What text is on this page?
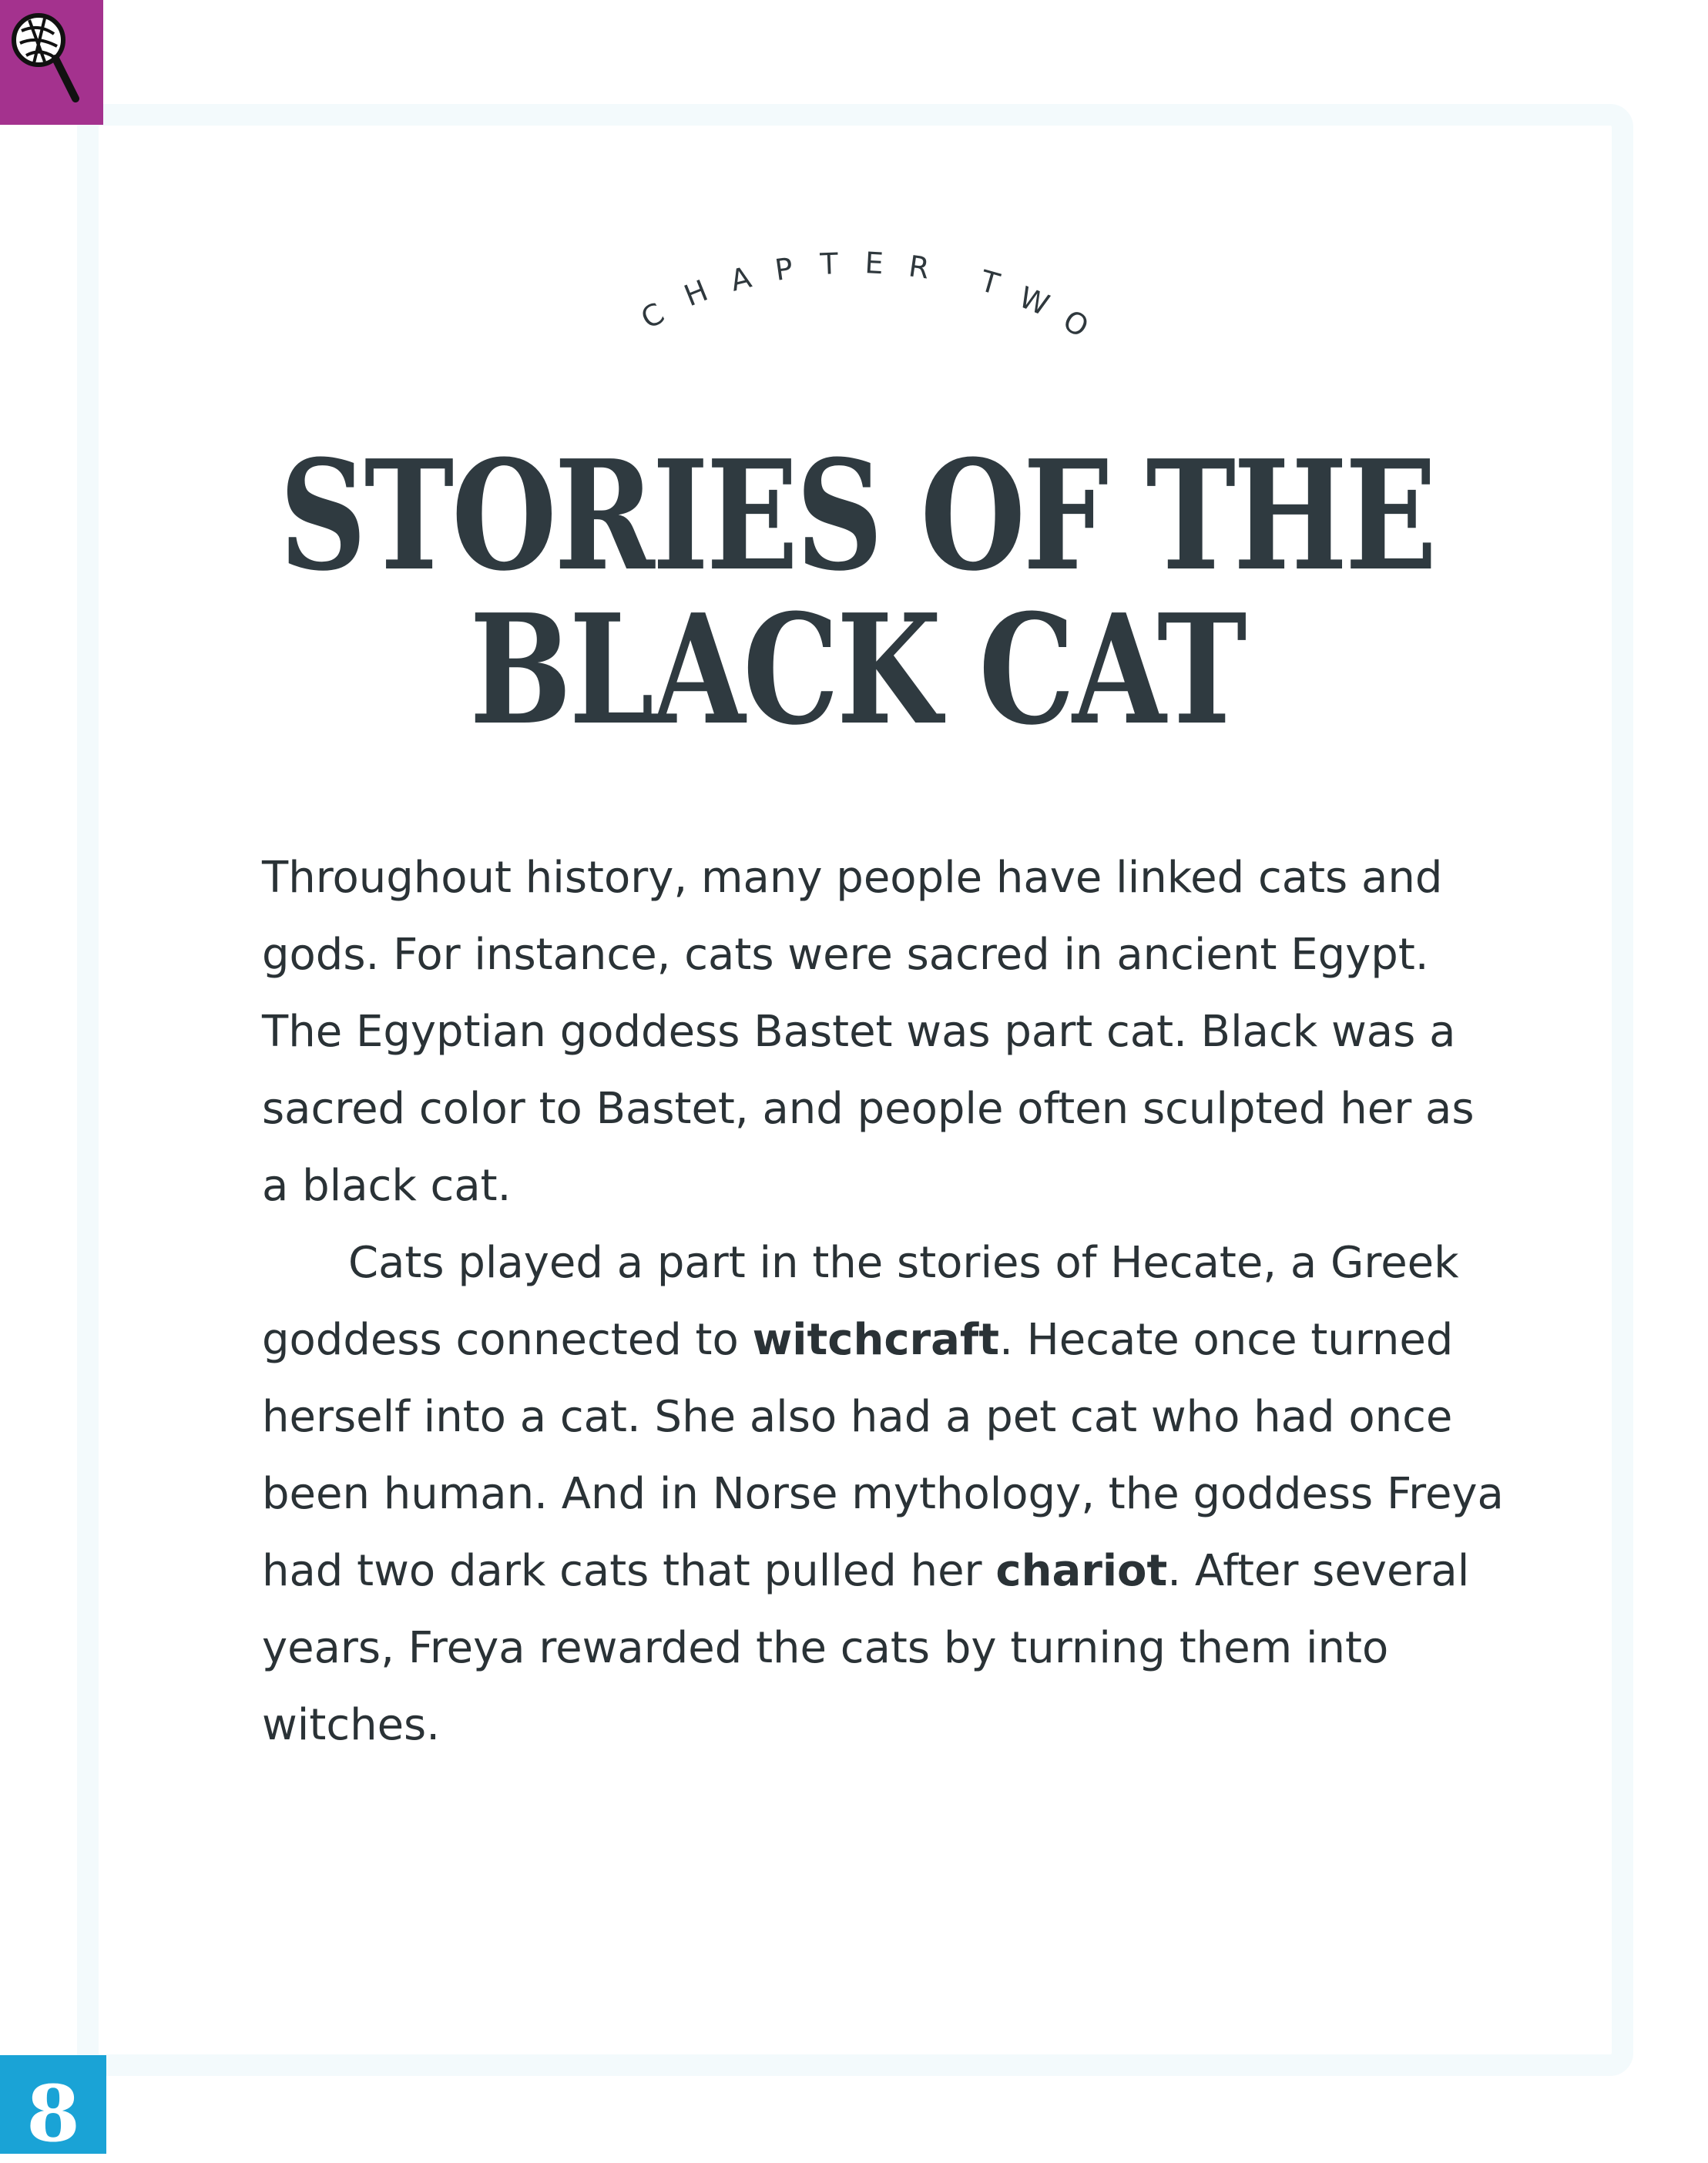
C
H A P T E R T W
O
STORIES OF THE
BLACK CAT

Throughout history, many people have linked cats and gods. For instance, cats were sacred in ancient Egypt. The Egyptian goddess Bastet was part cat. Black was a sacred color to Bastet, and people often sculpted her as a black cat.

Cats played a part in the stories of Hecate, a Greek goddess connected to witchcraft. Hecate once turned herself into a cat. She also had a pet cat who had once been human. And in Norse mythology, the goddess Freya had two dark cats that pulled her chariot. After several years, Freya rewarded the cats by turning them into witches.

8
